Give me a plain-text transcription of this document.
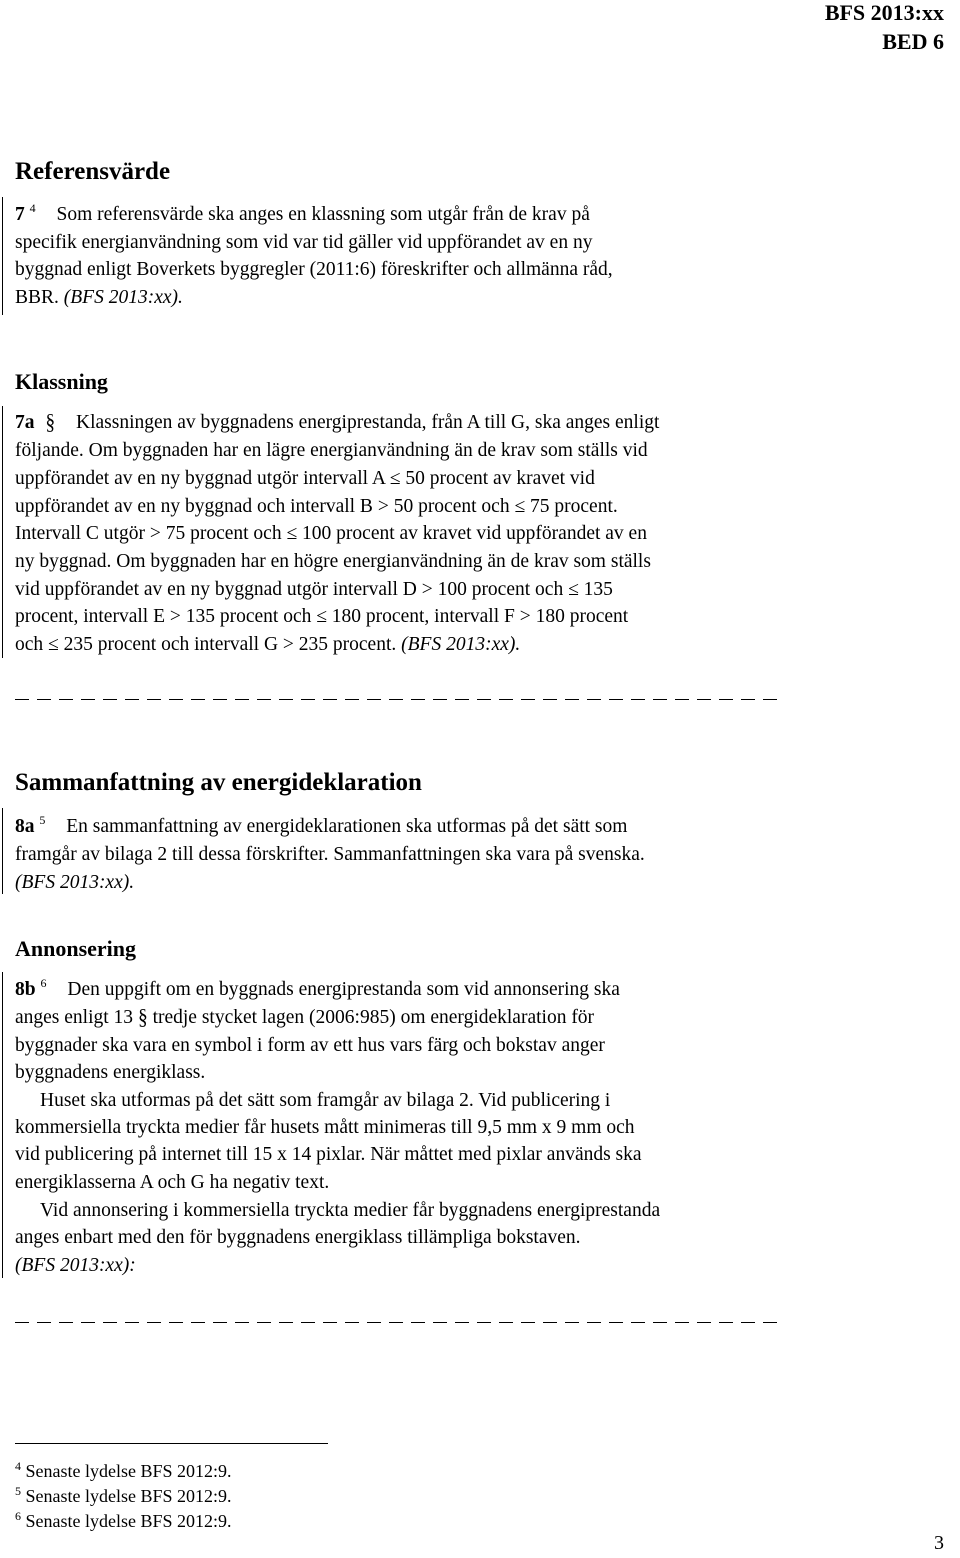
BFS 2013:xx
BED 6
Referensvärde
7 $^4$ Som referensvärde ska anges en klassning som utgår från de krav på
specifik energianvändning som vid var tid gäller vid uppförandet av en ny
byggnad enligt Boverkets byggregler (2011:6) föreskrifter och allmänna råd,
BBR. (BFS 2013:xx).
Klassning
7a § Klassningen av byggnadens energiprestanda, från A till G, ska anges enligt
följande. Om byggnaden har en lägre energianvändning än de krav som ställs vid
uppförandet av en ny byggnad utgör intervall A ≤ 50 procent av kravet vid
uppförandet av en ny byggnad och intervall B > 50 procent och ≤ 75 procent.
Intervall C utgör > 75 procent och ≤ 100 procent av kravet vid uppförandet av en
ny byggnad. Om byggnaden har en högre energianvändning än de krav som ställs
vid uppförandet av en ny byggnad utgör intervall D > 100 procent och ≤ 135
procent, intervall E > 135 procent och ≤ 180 procent, intervall F > 180 procent
och ≤ 235 procent och intervall G > 235 procent. (BFS 2013:xx).
Sammanfattning av energideklaration
8a $^5$ En sammanfattning av energideklarationen ska utformas på det sätt som
framgår av bilaga 2 till dessa förskrifter. Sammanfattningen ska vara på svenska.
(BFS 2013:xx).
Annonsering
8b $^6$ Den uppgift om en byggnads energiprestanda som vid annonsering ska
anges enligt 13 § tredje stycket lagen (2006:985) om energideklaration för
byggnader ska vara en symbol i form av ett hus vars färg och bokstav anger
byggnadens energiklass.
Huset ska utformas på det sätt som framgår av bilaga 2. Vid publicering i
kommersiella tryckta medier får husets mått minimeras till 9,5 mm x 9 mm och
vid publicering på internet till 15 x 14 pixlar. När måttet med pixlar används ska
energiklasserna A och G ha negativ text.
Vid annonsering i kommersiella tryckta medier får byggnadens energiprestanda
anges enbart med den för byggnadens energiklass tillämpliga bokstaven.
(BFS 2013:xx):
$^4$ Senaste lydelse BFS 2012:9.
$^5$ Senaste lydelse BFS 2012:9.
$^6$ Senaste lydelse BFS 2012:9.
3
